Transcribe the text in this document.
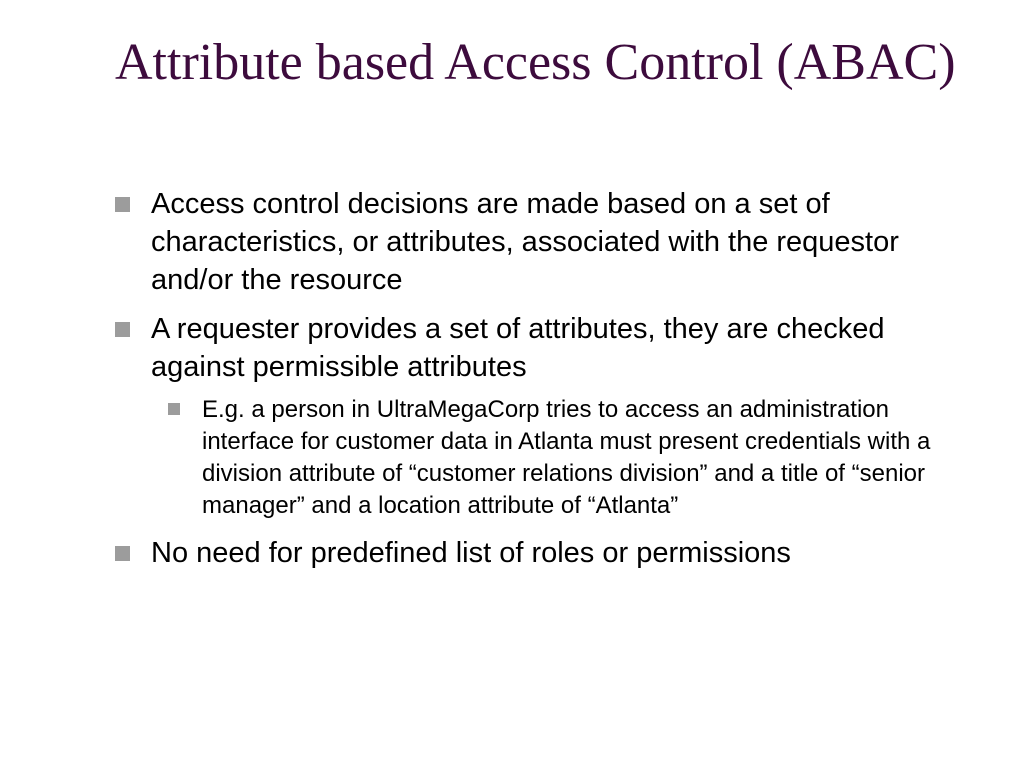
Attribute based Access Control (ABAC)
Access control decisions are made based on a set of characteristics, or attributes, associated with the requestor and/or the resource
A requester provides a set of attributes, they are checked against permissible attributes
E.g. a person in UltraMegaCorp tries to access an administration interface for customer data in Atlanta must present credentials with a division attribute of “customer relations division” and a title of “senior manager” and a location attribute of “Atlanta”
No need for predefined list of roles or permissions
